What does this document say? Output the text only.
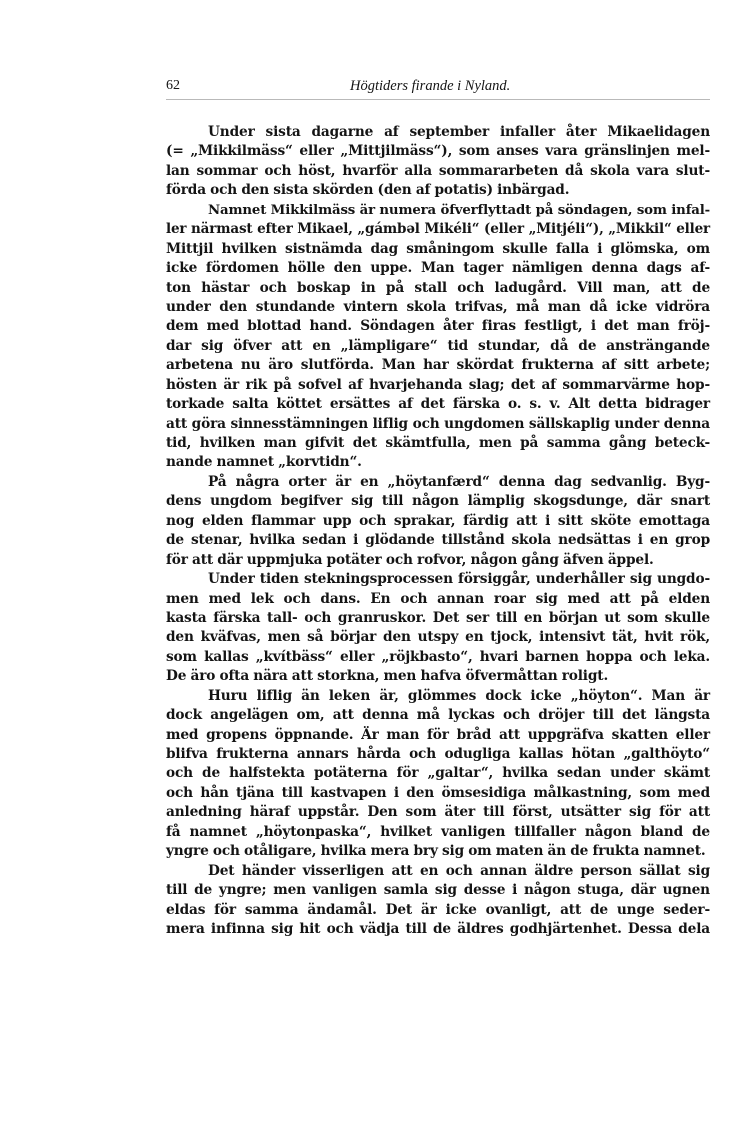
62	Högtiders firande i Nyland.
Under sista dagarne af september infaller åter Mikaelidagen
(= „Mikkilmäss“ eller „Mittjilmäss“), som anses vara gränslinjen mel-
lan sommar och höst, hvarför alla sommararbeten då skola vara slut-
förda och den sista skörden (den af potatis) inbärgad.
Namnet Mikkilmäss är numera öfverflyttadt på söndagen, som infal-
ler närmast efter Mikael, „gámbəl Mikéli“ (eller „Mitjéli“), „Mikkil“ eller
Mittjil hvilken sistnämda dag småningom skulle falla i glömska, om
icke fördomen hölle den uppe. Man tager nämligen denna dags af-
ton hästar och boskap in på stall och ladugård. Vill man, att de
under den stundande vintern skola trifvas, må man då icke vidröra
dem med blottad hand. Söndagen åter firas festligt, i det man fröj-
dar sig öfver att en „lämpligare“ tid stundar, då de ansträngande
arbetena nu äro slutförda. Man har skördat frukterna af sitt arbete;
hösten är rik på sofvel af hvarjehanda slag; det af sommarvärme hop-
torkade salta köttet ersättes af det färska o. s. v. Alt detta bidrager
att göra sinnesstämningen liflig och ungdomen sällskaplig under denna
tid, hvilken man gifvit det skämtfulla, men på samma gång beteck-
nande namnet „korvtidn“.
På några orter är en „höytanfærd“ denna dag sedvanlig. Byg-
dens ungdom begifver sig till någon lämplig skogsdunge, där snart
nog elden flammar upp och sprakar, färdig att i sitt sköte emottaga
de stenar, hvilka sedan i glödande tillstånd skola nedsättas i en grop
för att där uppmjuka potäter och rofvor, någon gång äfven äppel.
Under tiden stekningsprocessen försiggår, underhåller sig ungdo-
men med lek och dans. En och annan roar sig med att på elden
kasta färska tall- och granruskor. Det ser till en början ut som skulle
den kväfvas, men så börjar den utspy en tjock, intensivt tät, hvit rök,
som kallas „kvítbäss“ eller „röjkbasto“, hvari barnen hoppa och leka.
De äro ofta nära att storkna, men hafva öfvermåttan roligt.
Huru liflig än leken är, glömmes dock icke „höyton“. Man är
dock angelägen om, att denna må lyckas och dröjer till det längsta
med gropens öppnande. Är man för bråd att uppgräfva skatten eller
blifva frukterna annars hårda och odugliga kallas hötan „galthöyto“
och de halfstekta potäterna för „galtar“, hvilka sedan under skämt
och hån tjäna till kastvapen i den ömsesidiga målkastning, som med
anledning häraf uppstår. Den som äter till först, utsätter sig för att
få namnet „höytonpaska“, hvilket vanligen tillfaller någon bland de
yngre och otåligare, hvilka mera bry sig om maten än de frukta namnet.
Det händer visserligen att en och annan äldre person sällat sig
till de yngre; men vanligen samla sig desse i någon stuga, där ugnen
eldas för samma ändamål. Det är icke ovanligt, att de unge seder-
mera infinna sig hit och vädja till de äldres godhjärtenhet. Dessa dela
